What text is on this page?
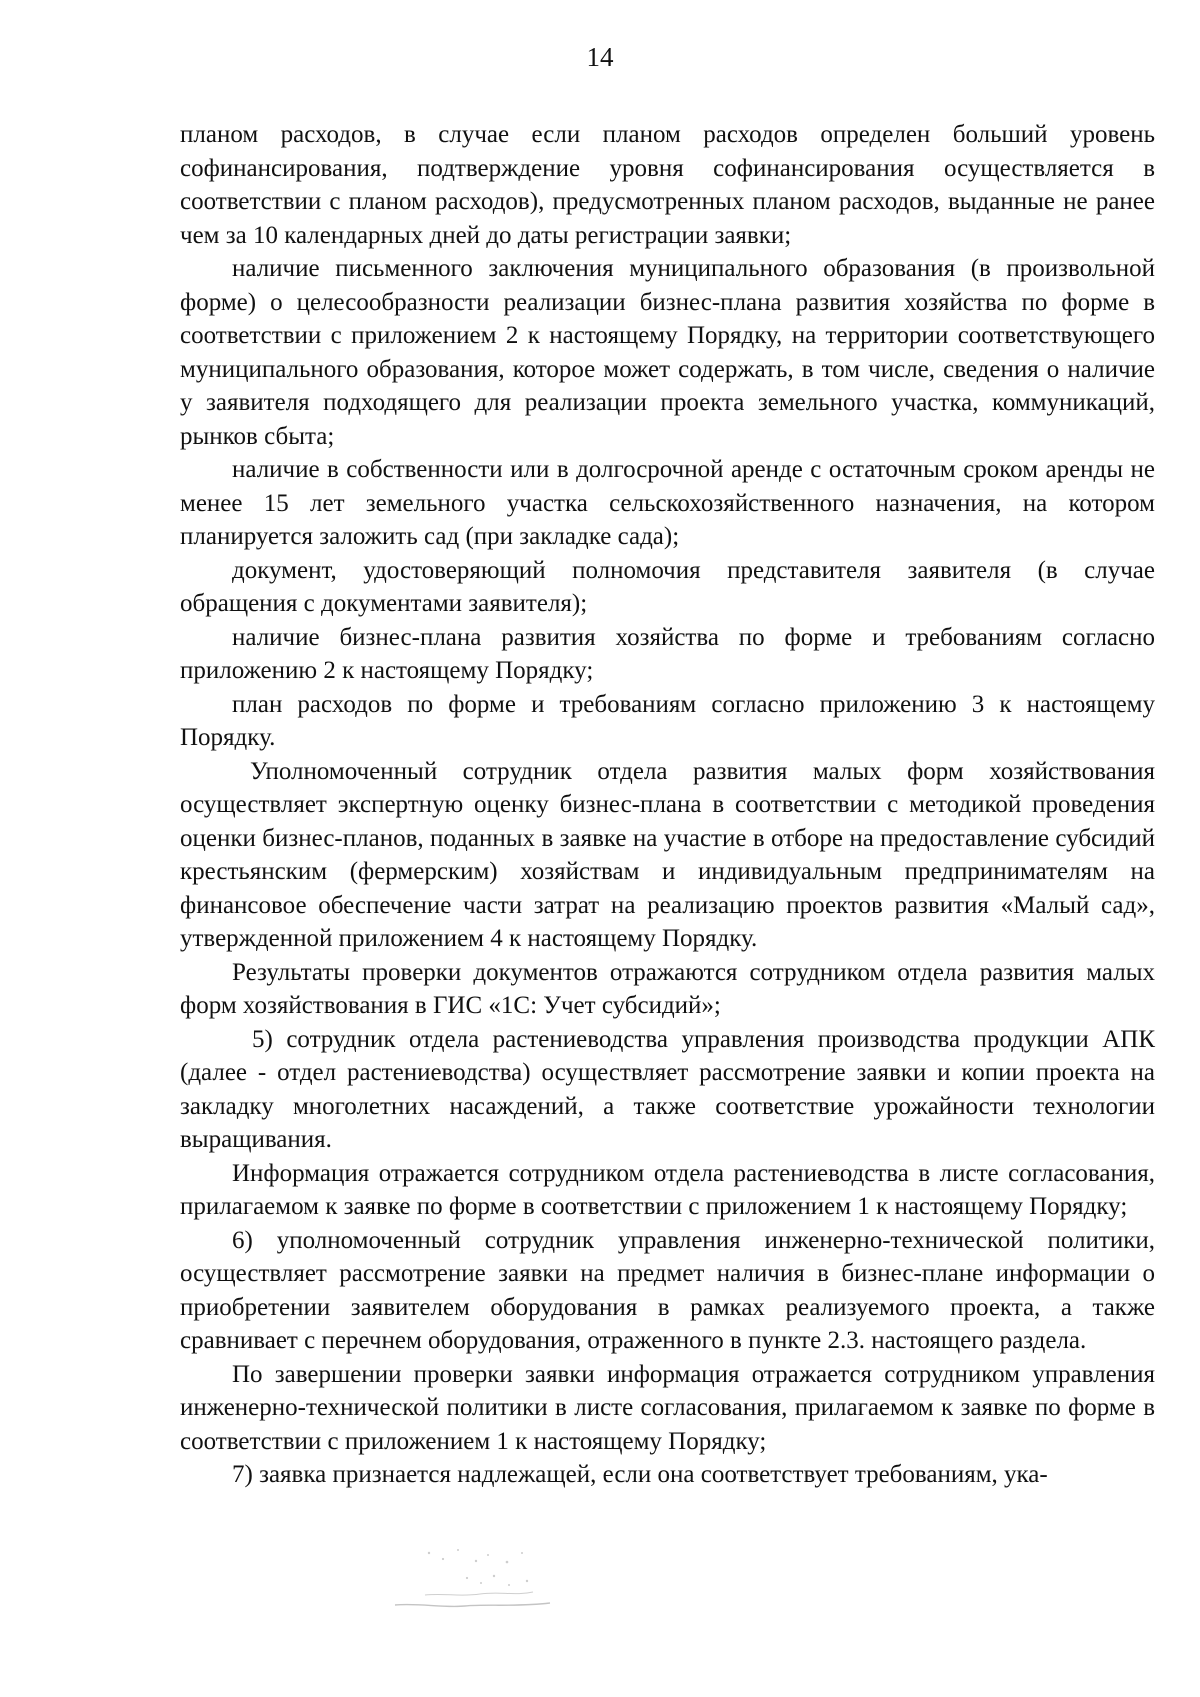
14

планом расходов, в случае если планом расходов определен больший уровень софинансирования, подтверждение уровня софинансирования осуществляется в соответствии с планом расходов), предусмотренных планом расходов, выданные не ранее чем за 10 календарных дней до даты регистрации заявки;

наличие письменного заключения муниципального образования (в произвольной форме) о целесообразности реализации бизнес-плана развития хозяйства по форме в соответствии с приложением 2 к настоящему Порядку, на территории соответствующего муниципального образования, которое может содержать, в том числе, сведения о наличие у заявителя подходящего для реализации проекта земельного участка, коммуникаций, рынков сбыта;

наличие в собственности или в долгосрочной аренде с остаточным сроком аренды не менее 15 лет земельного участка сельскохозяйственного назначения, на котором планируется заложить сад (при закладке сада);

документ, удостоверяющий полномочия представителя заявителя (в случае обращения с документами заявителя);

наличие бизнес-плана развития хозяйства по форме и требованиям согласно приложению 2 к настоящему Порядку;

план расходов по форме и требованиям согласно приложению 3 к настоящему Порядку.

Уполномоченный сотрудник отдела развития малых форм хозяйствования осуществляет экспертную оценку бизнес-плана в соответствии с методикой проведения оценки бизнес-планов, поданных в заявке на участие в отборе на предоставление субсидий крестьянским (фермерским) хозяйствам и индивидуальным предпринимателям на финансовое обеспечение части затрат на реализацию проектов развития «Малый сад», утвержденной приложением 4 к настоящему Порядку.

Результаты проверки документов отражаются сотрудником отдела развития малых форм хозяйствования в ГИС «1С: Учет субсидий»;

5) сотрудник отдела растениеводства управления производства продукции АПК (далее - отдел растениеводства) осуществляет рассмотрение заявки и копии проекта на закладку многолетних насаждений, а также соответствие урожайности технологии выращивания.

Информация отражается сотрудником отдела растениеводства в листе согласования, прилагаемом к заявке по форме в соответствии с приложением 1 к настоящему Порядку;

6) уполномоченный сотрудник управления инженерно-технической политики, осуществляет рассмотрение заявки на предмет наличия в бизнес-плане информации о приобретении заявителем оборудования в рамках реализуемого проекта, а также сравнивает с перечнем оборудования, отраженного в пункте 2.3. настоящего раздела.

По завершении проверки заявки информация отражается сотрудником управления инженерно-технической политики в листе согласования, прилагаемом к заявке по форме в соответствии с приложением 1 к настоящему Порядку;

7) заявка признается надлежащей, если она соответствует требованиям, ука-
